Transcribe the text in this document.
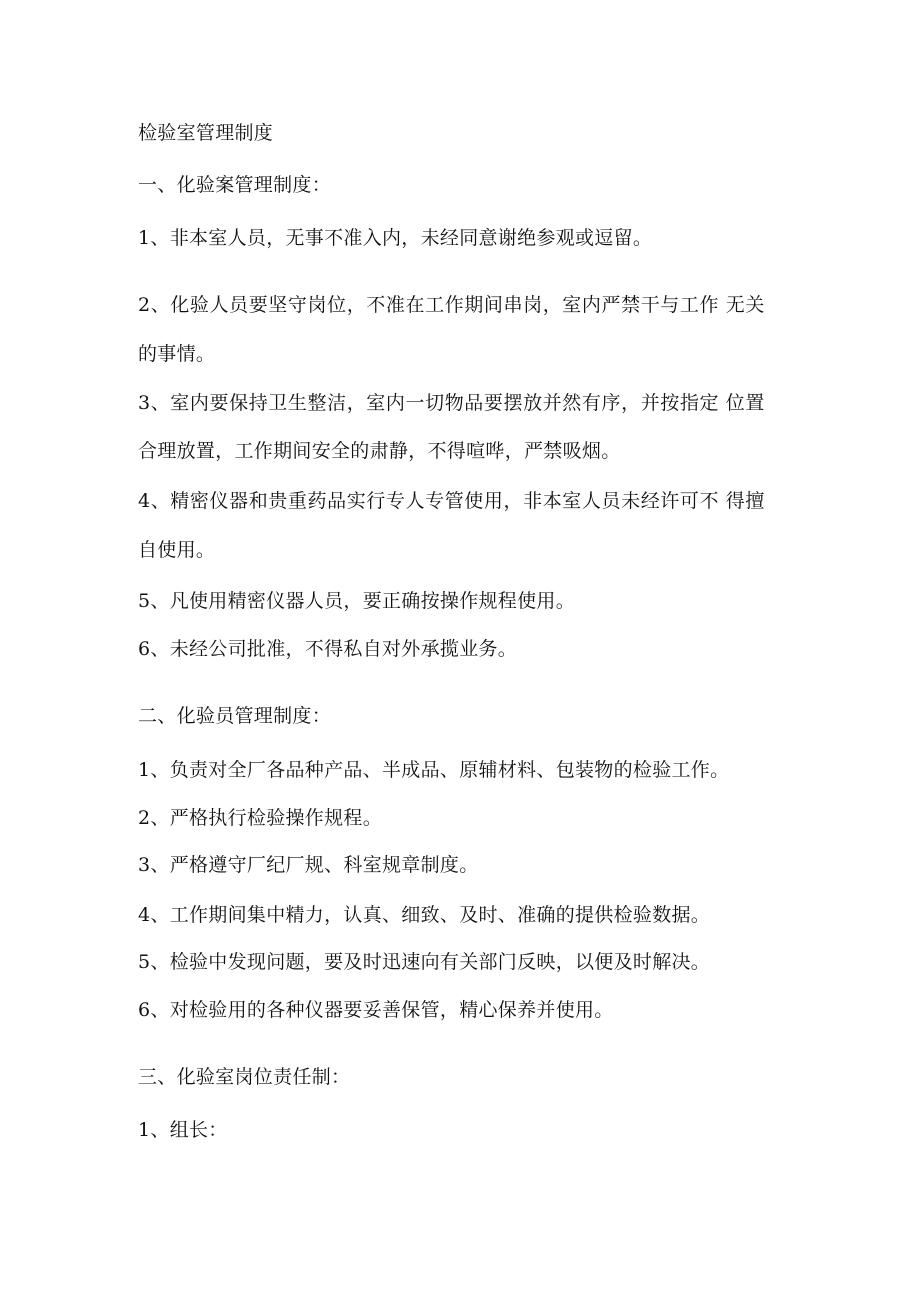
检验室管理制度
一、化验案管理制度：
1、非本室人员，无事不准入内，未经同意谢绝参观或逗留。
2、化验人员要坚守岗位，不准在工作期间串岗，室内严禁干与工作 无关
的事情。
3、室内要保持卫生整洁，室内一切物品要摆放并然有序，并按指定 位置
合理放置，工作期间安全的肃静，不得喧哗，严禁吸烟。
4、精密仪器和贵重药品实行专人专管使用，非本室人员未经许可不 得擅
自使用。
5、凡使用精密仪器人员，要正确按操作规程使用。
6、未经公司批准，不得私自对外承揽业务。
二、化验员管理制度：
1、负责对全厂各品种产品、半成品、原辅材料、包装物的检验工作。
2、严格执行检验操作规程。
3、严格遵守厂纪厂规、科室规章制度。
4、工作期间集中精力，认真、细致、及时、准确的提供检验数据。
5、检验中发现问题，要及时迅速向有关部门反映，以便及时解决。
6、对检验用的各种仪器要妥善保管，精心保养并使用。
三、化验室岗位责任制：
1、组长：
